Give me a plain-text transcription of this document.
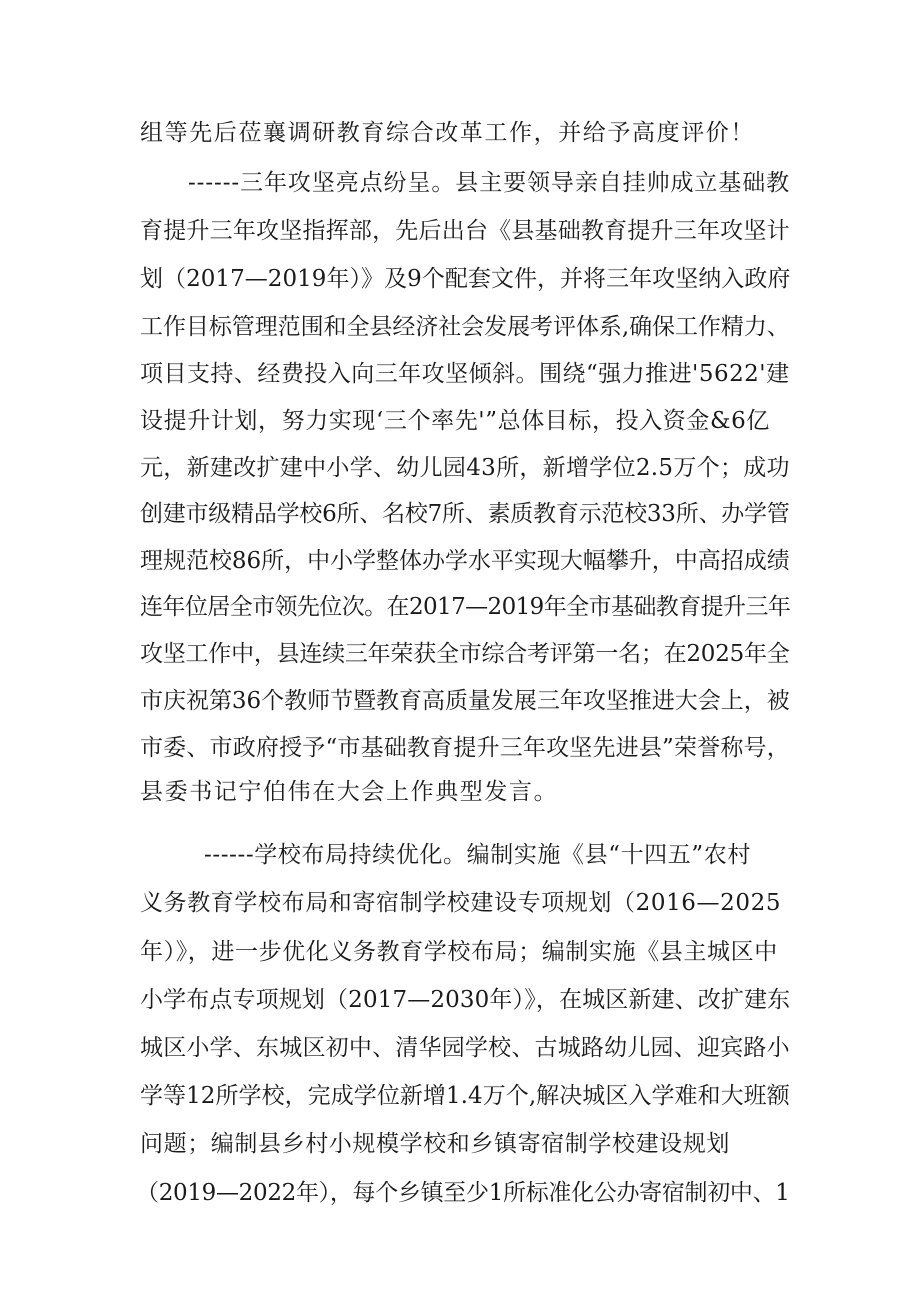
组等先后莅襄调研教育综合改革工作，并给予高度评价！

------三年攻坚亮点纷呈。县主要领导亲自挂帅成立基础教

育提升三年攻坚指挥部，先后出台《县基础教育提升三年攻坚计

划（2017—2019年）》及9个配套文件，并将三年攻坚纳入政府

工作目标管理范围和全县经济社会发展考评体系,确保工作精力、

项目支持、经费投入向三年攻坚倾斜。围绕“强力推进'5622'建

设提升计划，努力实现‘三个率先'”总体目标，投入资金&6亿

元，新建改扩建中小学、幼儿园43所，新增学位2.5万个；成功

创建市级精品学校6所、名校7所、素质教育示范校33所、办学管

理规范校86所，中小学整体办学水平实现大幅攀升，中高招成绩

连年位居全市领先位次。在2017—2019年全市基础教育提升三年

攻坚工作中，县连续三年荣获全市综合考评第一名；在2025年全

市庆祝第36个教师节暨教育高质量发展三年攻坚推进大会上，被

市委、市政府授予“市基础教育提升三年攻坚先进县”荣誉称号，

县委书记宁伯伟在大会上作典型发言。

------学校布局持续优化。编制实施《县“十四五”农村

义务教育学校布局和寄宿制学校建设专项规划（2016—2025

年）》，进一步优化义务教育学校布局；编制实施《县主城区中

小学布点专项规划（2017—2030年）》，在城区新建、改扩建东

城区小学、东城区初中、清华园学校、古城路幼儿园、迎宾路小

学等12所学校，完成学位新增1.4万个,解决城区入学难和大班额

问题；编制县乡村小规模学校和乡镇寄宿制学校建设规划

（2019—2022年），每个乡镇至少1所标准化公办寄宿制初中、1
